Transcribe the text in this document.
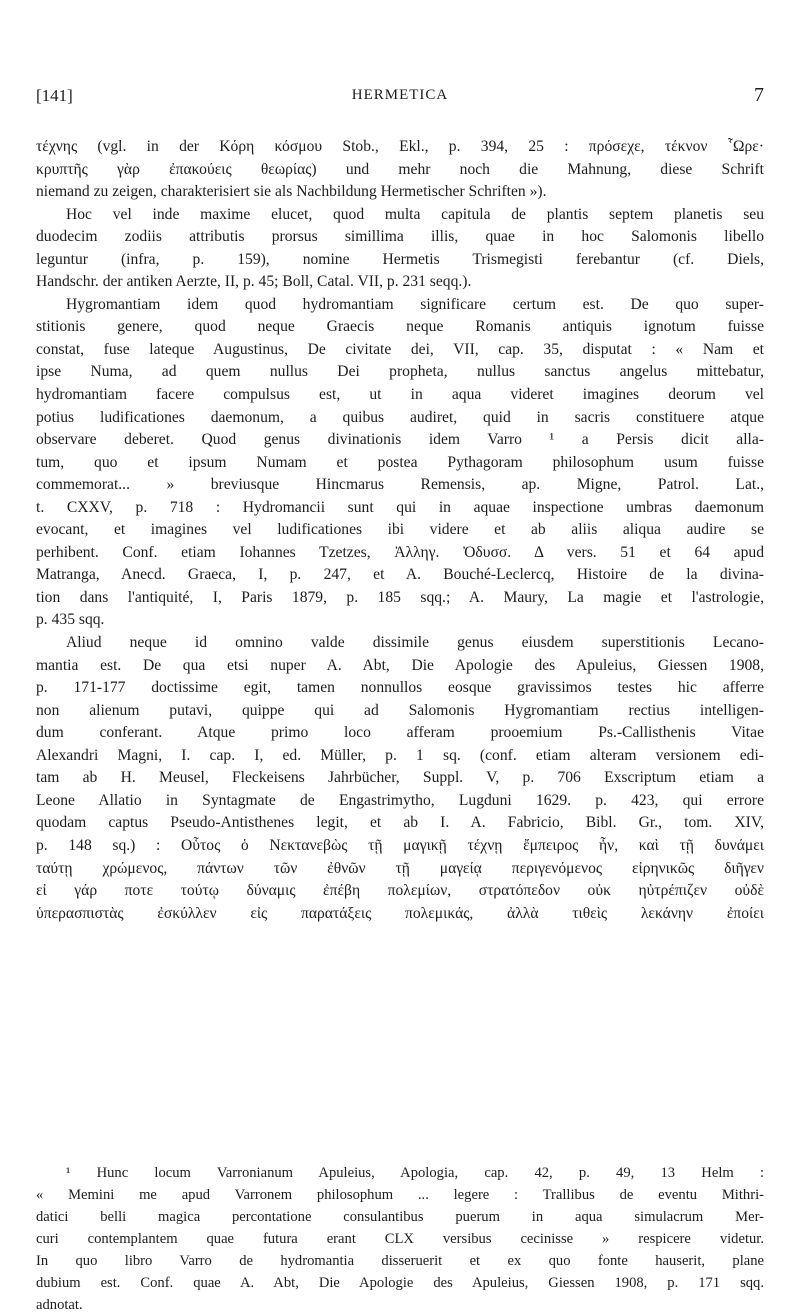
[141]	HERMETICA	7
τέχνης (vgl. in der Κόρη κόσμου Stob., Ekl., p. 394, 25 : πρόσεχε, τέκνον ῟Ωρε·
κρυπτῆς γὰρ ἐπακούεις θεωρίας) und mehr noch die Mahnung, diese Schrift
niemand zu zeigen, charakterisiert sie als Nachbildung Hermetischer Schriften »).
Hoc vel inde maxime elucet, quod multa capitula de plantis septem planetis seu
duodecim zodiis attributis prorsus simillima illis, quae in hoc Salomonis libello
leguntur (infra, p. 159), nomine Hermetis Trismegisti ferebantur (cf. Diels,
Handschr. der antiken Aerzte, II, p. 45; Boll, Catal. VII, p. 231 seqq.).
Hygromantiam idem quod hydromantiam significare certum est. De quo super-
stitionis genere, quod neque Graecis neque Romanis antiquis ignotum fuisse
constat, fuse lateque Augustinus, De civitate dei, VII, cap. 35, disputat : « Nam et
ipse Numa, ad quem nullus Dei propheta, nullus sanctus angelus mittebatur,
hydromantiam facere compulsus est, ut in aqua videret imagines deorum vel
potius ludificationes daemonum, a quibus audiret, quid in sacris constituere atque
observare deberet. Quod genus divinationis idem Varro ¹ a Persis dicit alla-
tum, quo et ipsum Numam et postea Pythagoram philosophum usum fuisse
commemorat... » breviusque Hincmarus Remensis, ap. Migne, Patrol. Lat.,
t. CXXV, p. 718 : Hydromancii sunt qui in aquae inspectione umbras daemonum
evocant, et imagines vel ludificationes ibi videre et ab aliis aliqua audire se
perhibent. Conf. etiam Iohannes Tzetzes, Ἀλληγ. Ὀδυσσ. Δ vers. 51 et 64 apud
Matranga, Anecd. Graeca, I, p. 247, et A. Bouché-Leclercq, Histoire de la divina-
tion dans l'antiquité, I, Paris 1879, p. 185 sqq.; A. Maury, La magie et l'astrologie,
p. 435 sqq.
Aliud neque id omnino valde dissimile genus eiusdem superstitionis Lecano-
mantia est. De qua etsi nuper A. Abt, Die Apologie des Apuleius, Giessen 1908,
p. 171-177 doctissime egit, tamen nonnullos eosque gravissimos testes hic afferre
non alienum putavi, quippe qui ad Salomonis Hygromantiam rectius intelligen-
dum conferant. Atque primo loco afferam prooemium Ps.-Callisthenis Vitae
Alexandri Magni, I. cap. I, ed. Müller, p. 1 sq. (conf. etiam alteram versionem edi-
tam ab H. Meusel, Fleckeisens Jahrbücher, Suppl. V, p. 706 Exscriptum etiam a
Leone Allatio in Syntagmate de Engastrimytho, Lugduni 1629. p. 423, qui errore
quodam captus Pseudo-Antisthenes legit, et ab I. A. Fabricio, Bibl. Gr., tom. XIV,
p. 148 sq.) : Οὗτος ὁ Νεκτανεβὼς τῇ μαγικῇ τέχνῃ ἔμπειρος ἦν, καὶ τῇ δυνάμει
ταύτῃ χρώμενος, πάντων τῶν ἐθνῶν τῇ μαγείᾳ περιγενόμενος εἰρηνικῶς διῆγεν
εἰ γάρ ποτε τούτῳ δύναμις ἐπέβη πολεμίων, στρατόπεδον οὐκ ηὐτρέπιζεν οὐδὲ
ὑπερασπιστὰς ἐσκύλλεν εἰς παρατάξεις πολεμικάς, ἀλλὰ τιθεὶς λεκάνην ἐποίει
¹ Hunc locum Varronianum Apuleius, Apologia, cap. 42, p. 49, 13 Helm :
« Memini me apud Varronem philosophum ... legere : Trallibus de eventu Mithri-
datici belli magica percontatione consulantibus puerum in aqua simulacrum Mer-
curi contemplantem quae futura erant CLX versibus cecinisse » respicere videtur.
In quo libro Varro de hydromantia disseruerit et ex quo fonte hauserit, plane
dubium est. Conf. quae A. Abt, Die Apologie des Apuleius, Giessen 1908, p. 171 sqq.
adnotat.
